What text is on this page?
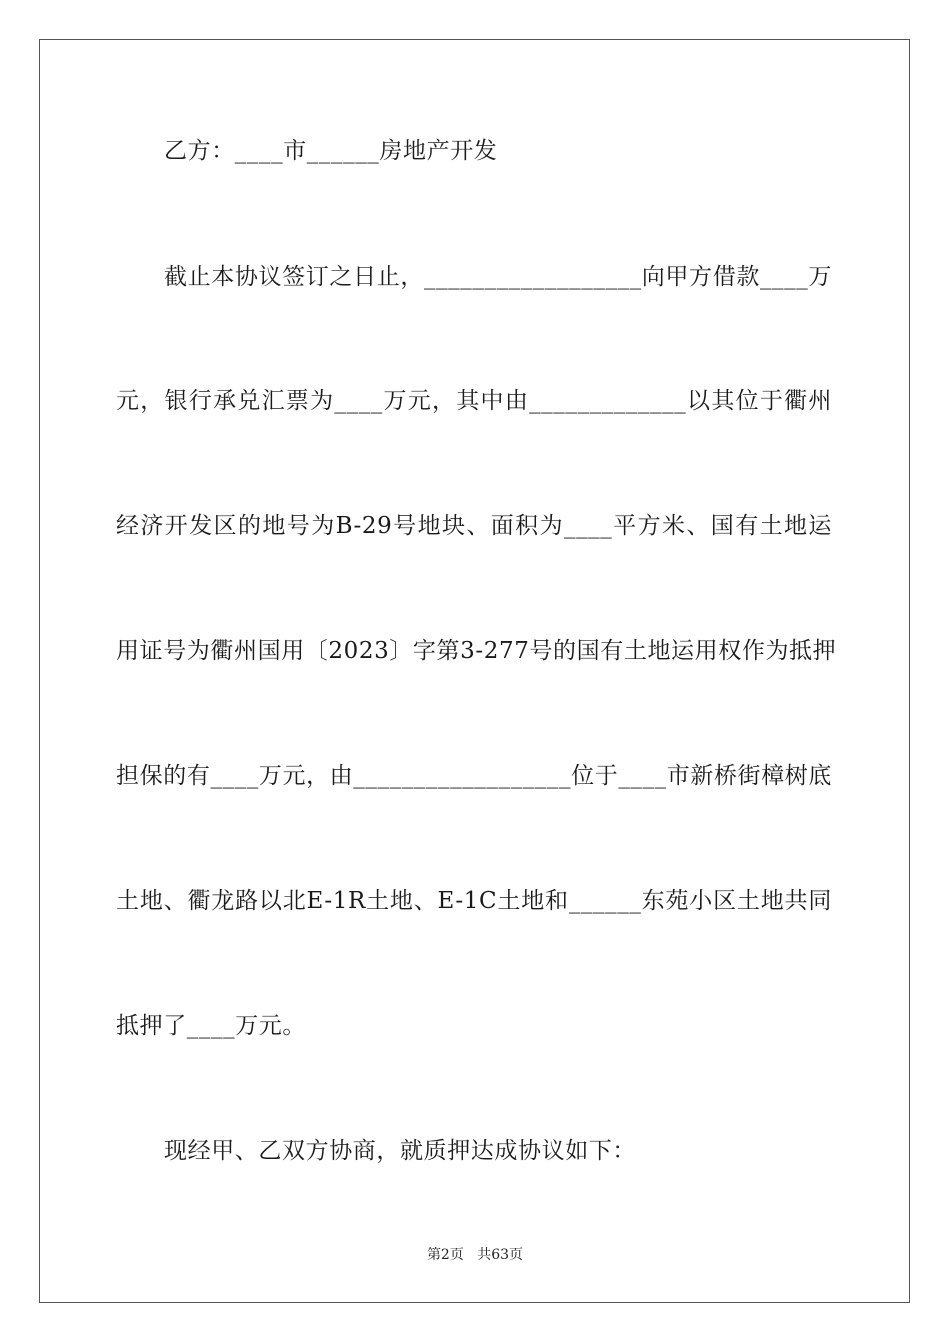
乙方：____市______房地产开发
截止本协议签订之日止，__________________向甲方借款____万
元，银行承兑汇票为____万元，其中由_____________以其位于衢州
经济开发区的地号为B-29号地块、面积为____平方米、国有土地运
用证号为衢州国用〔2023〕字第3-277号的国有土地运用权作为抵押
担保的有____万元，由__________________位于____市新桥街樟树底
土地、衢龙路以北E-1R土地、E-1C土地和______东苑小区土地共同
抵押了____万元。
现经甲、乙双方协商，就质押达成协议如下：
第2页 共63页
